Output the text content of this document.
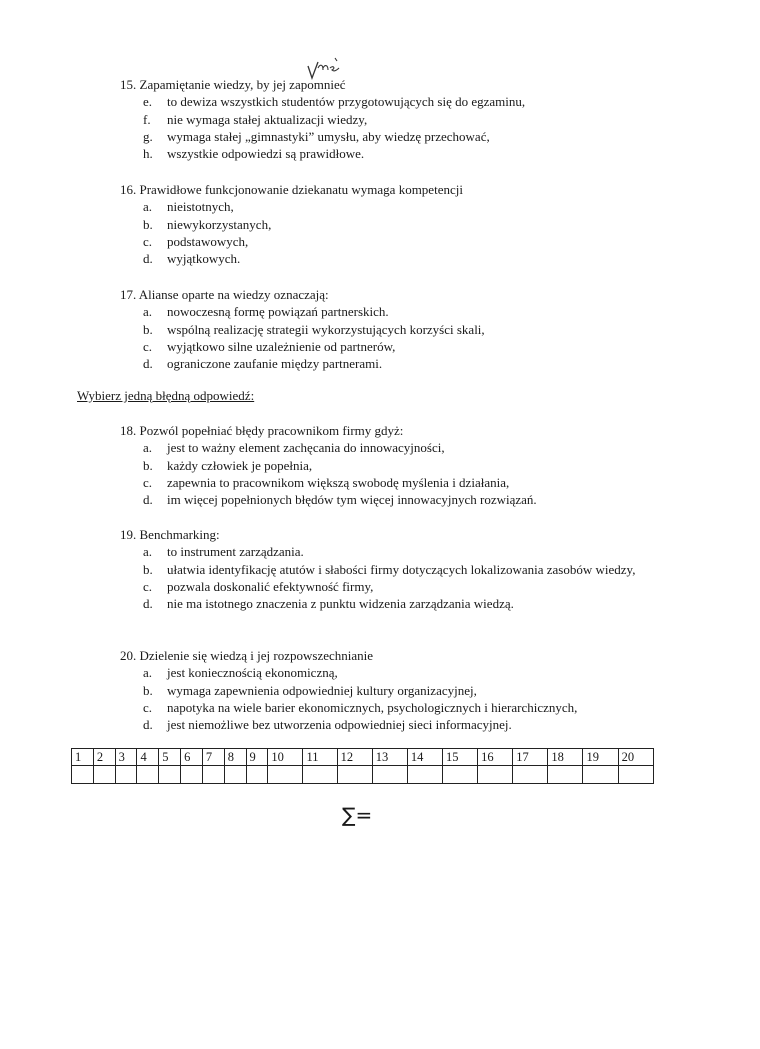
15. Zapamiętanie wiedzy, by jej zapomnieć
e.	to dewiza wszystkich studentów przygotowujących się do egzaminu,
f.	nie wymaga stałej aktualizacji wiedzy,
g.	wymaga stałej „gimnastyki” umysłu, aby wiedzę przechować,
h.	wszystkie odpowiedzi są prawidłowe.
16. Prawidłowe funkcjonowanie dziekanatu wymaga kompetencji
a.	nieistotnych,
b.	niewykorzystanych,
c.	podstawowych,
d.	wyjątkowych.
17. Alianse oparte na wiedzy oznaczają:
a.	nowoczesną formę powiązań partnerskich.
b.	wspólną realizację strategii wykorzystujących korzyści skali,
c.	wyjątkowo silne uzależnienie od partnerów,
d.	ograniczone zaufanie między partnerami.
Wybierz jedną błędną odpowiedź:
18. Pozwól popełniać błędy pracownikom firmy gdyż:
a.	jest to ważny element zachęcania do innowacyjności,
b.	każdy człowiek je popełnia,
c.	zapewnia to pracownikom większą swobodę myślenia i działania,
d.	im więcej popełnionych błędów tym więcej innowacyjnych rozwiązań.
19. Benchmarking:
a.	to instrument zarządzania.
b.	ułatwia identyfikację atutów i słabości firmy dotyczących lokalizowania zasobów wiedzy,
c.	pozwala doskonalić efektywność firmy,
d.	nie ma istotnego znaczenia z punktu widzenia zarządzania wiedzą.
20. Dzielenie się wiedzą i jej rozpowszechnianie
a.	jest koniecznością ekonomiczną,
b.	wymaga zapewnienia odpowiedniej kultury organizacyjnej,
c.	napotyka na wiele barier ekonomicznych, psychologicznych i hierarchicznych,
d.	jest niemożliwe bez utworzenia odpowiedniej sieci informacyjnej.
1	2	3	4	5	6	7	8	9	10	11	12	13	14	15	16	17	18	19	20

∑=
